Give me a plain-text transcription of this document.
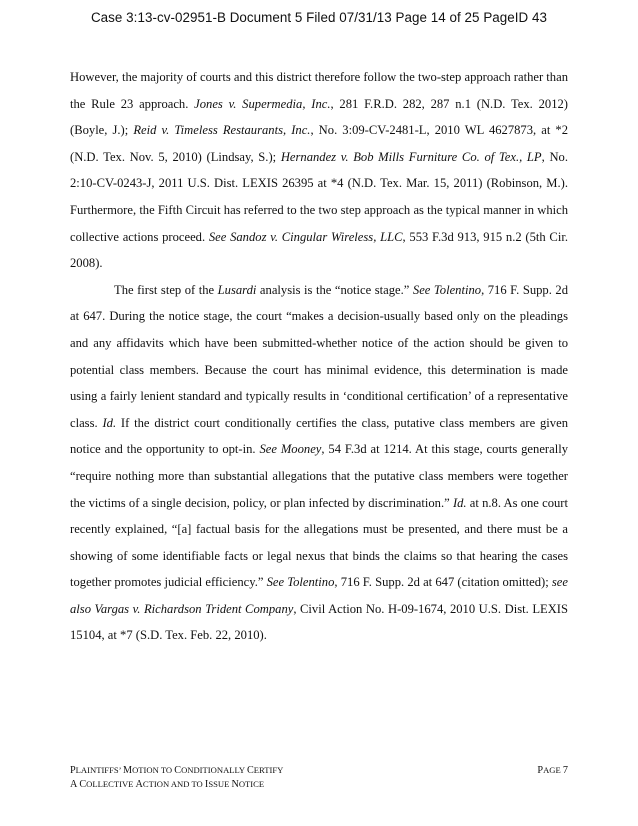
Case 3:13-cv-02951-B Document 5 Filed 07/31/13 Page 14 of 25 PageID 43

However, the majority of courts and this district therefore follow the two-step approach rather than the Rule 23 approach. Jones v. Supermedia, Inc., 281 F.R.D. 282, 287 n.1 (N.D. Tex. 2012) (Boyle, J.); Reid v. Timeless Restaurants, Inc., No. 3:09-CV-2481-L, 2010 WL 4627873, at *2 (N.D. Tex. Nov. 5, 2010) (Lindsay, S.); Hernandez v. Bob Mills Furniture Co. of Tex., LP, No. 2:10-CV-0243-J, 2011 U.S. Dist. LEXIS 26395 at *4 (N.D. Tex. Mar. 15, 2011) (Robinson, M.). Furthermore, the Fifth Circuit has referred to the two step approach as the typical manner in which collective actions proceed. See Sandoz v. Cingular Wireless, LLC, 553 F.3d 913, 915 n.2 (5th Cir. 2008).

The first step of the Lusardi analysis is the “notice stage.” See Tolentino, 716 F. Supp. 2d at 647. During the notice stage, the court “makes a decision-usually based only on the pleadings and any affidavits which have been submitted-whether notice of the action should be given to potential class members. Because the court has minimal evidence, this determination is made using a fairly lenient standard and typically results in ‘conditional certification’ of a representative class. Id. If the district court conditionally certifies the class, putative class members are given notice and the opportunity to opt-in. See Mooney, 54 F.3d at 1214. At this stage, courts generally “require nothing more than substantial allegations that the putative class members were together the victims of a single decision, policy, or plan infected by discrimination.” Id. at n.8. As one court recently explained, “[a] factual basis for the allegations must be presented, and there must be a showing of some identifiable facts or legal nexus that binds the claims so that hearing the cases together promotes judicial efficiency.” See Tolentino, 716 F. Supp. 2d at 647 (citation omitted); see also Vargas v. Richardson Trident Company, Civil Action No. H-09-1674, 2010 U.S. Dist. LEXIS 15104, at *7 (S.D. Tex. Feb. 22, 2010).

PLAINTIFFS’ MOTION TO CONDITIONALLY CERTIFY
A COLLECTIVE ACTION AND TO ISSUE NOTICE
PAGE 7
